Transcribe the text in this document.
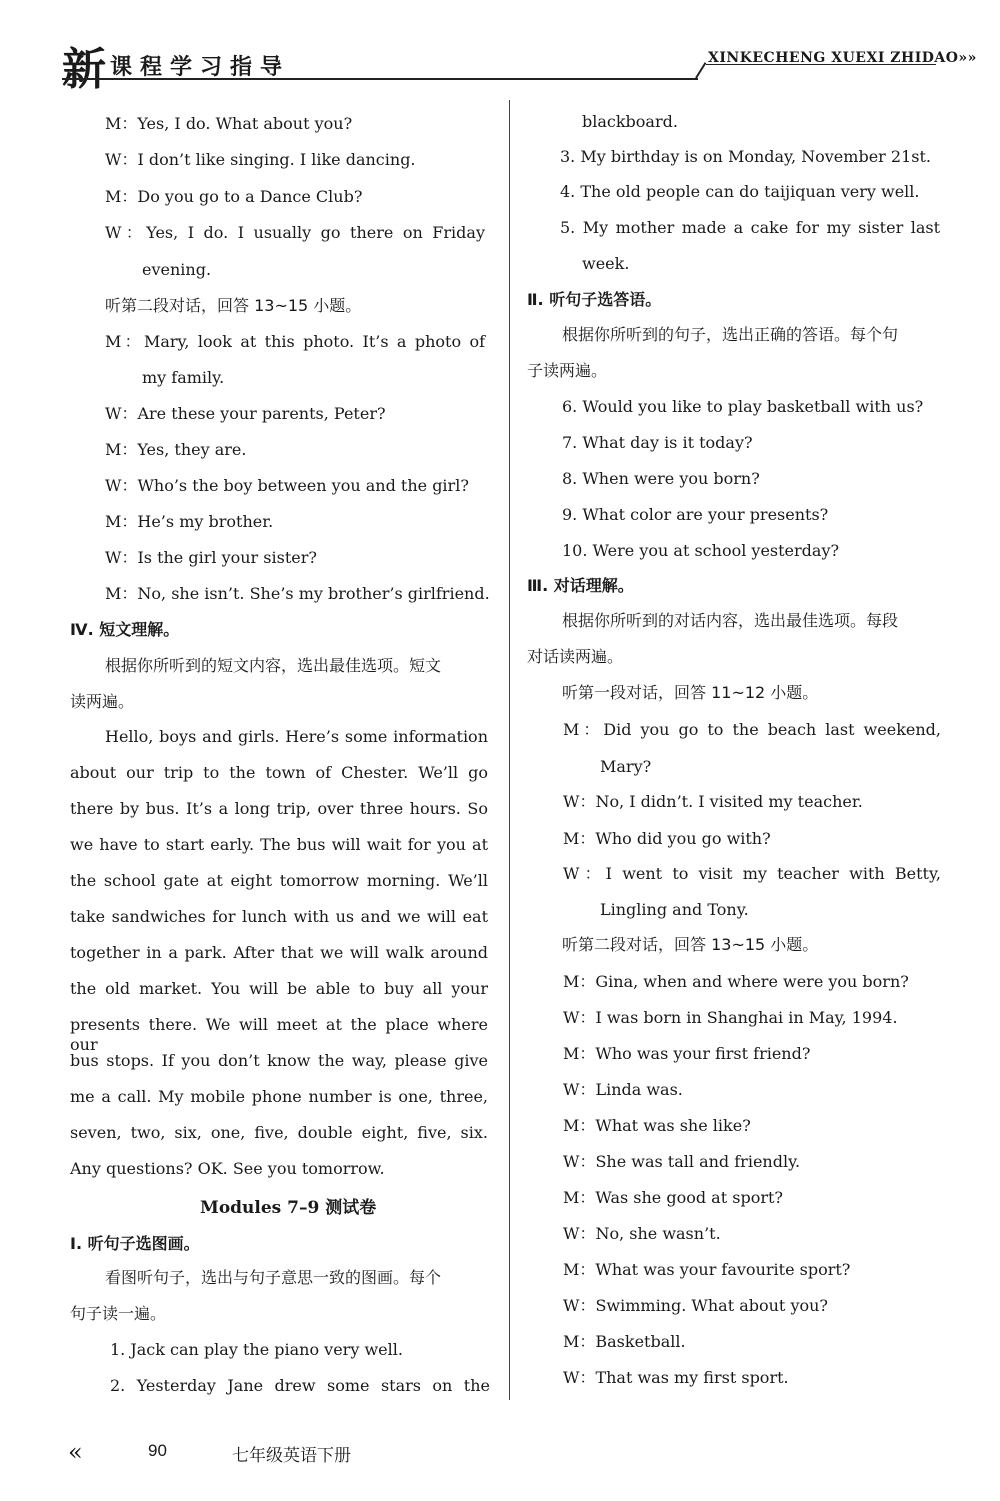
新 课程学习指导	XINKECHENG XUEXI ZHIDAO»»
M：Yes, I do. What about you?
W：I don’t like singing. I like dancing.
M：Do you go to a Dance Club?
W：Yes, I do. I usually go there on Friday
evening.
听第二段对话，回答 13~15 小题。
M：Mary, look at this photo. It’s a photo of
my family.
W：Are these your parents, Peter?
M：Yes, they are.
W：Who’s the boy between you and the girl?
M：He’s my brother.
W：Is the girl your sister?
M：No, she isn’t. She’s my brother’s girlfriend.
Ⅳ. 短文理解。
根据你所听到的短文内容，选出最佳选项。短文
读两遍。
Hello, boys and girls. Here’s some information
about our trip to the town of Chester. We’ll go
there by bus. It’s a long trip, over three hours. So
we have to start early. The bus will wait for you at
the school gate at eight tomorrow morning. We’ll
take sandwiches for lunch with us and we will eat
together in a park. After that we will walk around
the old market. You will be able to buy all your
presents there. We will meet at the place where our
bus stops. If you don’t know the way, please give
me a call. My mobile phone number is one, three,
seven, two, six, one, five, double eight, five, six.
Any questions? OK. See you tomorrow.
Modules 7–9 测试卷
Ⅰ. 听句子选图画。
看图听句子，选出与句子意思一致的图画。每个
句子读一遍。
1. Jack can play the piano very well.
2. Yesterday Jane drew some stars on the
blackboard.
3. My birthday is on Monday, November 21st.
4. The old people can do taijiquan very well.
5. My mother made a cake for my sister last
week.
Ⅱ. 听句子选答语。
根据你所听到的句子，选出正确的答语。每个句
子读两遍。
6. Would you like to play basketball with us?
7. What day is it today?
8. When were you born?
9. What color are your presents?
10. Were you at school yesterday?
Ⅲ. 对话理解。
根据你所听到的对话内容，选出最佳选项。每段
对话读两遍。
听第一段对话，回答 11~12 小题。
M：Did you go to the beach last weekend,
Mary?
W：No, I didn’t. I visited my teacher.
M：Who did you go with?
W：I went to visit my teacher with Betty,
Lingling and Tony.
听第二段对话，回答 13~15 小题。
M：Gina, when and where were you born?
W：I was born in Shanghai in May, 1994.
M：Who was your first friend?
W：Linda was.
M：What was she like?
W：She was tall and friendly.
M：Was she good at sport?
W：No, she wasn’t.
M：What was your favourite sport?
W：Swimming. What about you?
M：Basketball.
W：That was my first sport.
«	90	七年级英语下册
